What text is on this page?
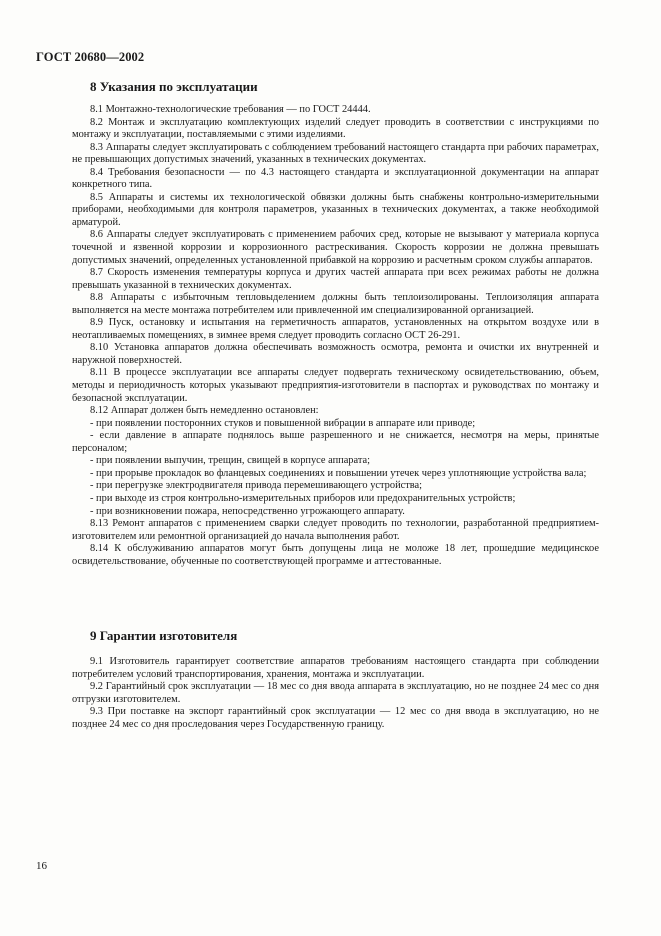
ГОСТ 20680—2002
8 Указания по эксплуатации

8.1 Монтажно-технологические требования — по ГОСТ 24444.

8.2 Монтаж и эксплуатацию комплектующих изделий следует проводить в соответствии с инструкциями по монтажу и эксплуатации, поставляемыми с этими изделиями.

8.3 Аппараты следует эксплуатировать с соблюдением требований настоящего стандарта при рабочих параметрах, не превышающих допустимых значений, указанных в технических документах.

8.4 Требования безопасности — по 4.3 настоящего стандарта и эксплуатационной документации на аппарат конкретного типа.

8.5 Аппараты и системы их технологической обвязки должны быть снабжены контрольно-измерительными приборами, необходимыми для контроля параметров, указанных в технических документах, а также необходимой арматурой.

8.6 Аппараты следует эксплуатировать с применением рабочих сред, которые не вызывают у материала корпуса точечной и язвенной коррозии и коррозионного растрескивания. Скорость коррозии не должна превышать допустимых значений, определенных установленной прибавкой на коррозию и расчетным сроком службы аппаратов.

8.7 Скорость изменения температуры корпуса и других частей аппарата при всех режимах работы не должна превышать указанной в технических документах.

8.8 Аппараты с избыточным тепловыделением должны быть теплоизолированы. Теплоизоляция аппарата выполняется на месте монтажа потребителем или привлеченной им специализированной организацией.

8.9 Пуск, остановку и испытания на герметичность аппаратов, установленных на открытом воздухе или в неотапливаемых помещениях, в зимнее время следует проводить согласно ОСТ 26-291.

8.10 Установка аппаратов должна обеспечивать возможность осмотра, ремонта и очистки их внутренней и наружной поверхностей.

8.11 В процессе эксплуатации все аппараты следует подвергать техническому освидетельствованию, объем, методы и периодичность которых указывают предприятия-изготовители в паспортах и руководствах по монтажу и безопасной эксплуатации.

8.12 Аппарат должен быть немедленно остановлен:

- при появлении посторонних стуков и повышенной вибрации в аппарате или приводе;

- если давление в аппарате поднялось выше разрешенного и не снижается, несмотря на меры, принятые персоналом;

- при появлении выпучин, трещин, свищей в корпусе аппарата;

- при прорыве прокладок во фланцевых соединениях и повышении утечек через уплотняющие устройства вала;

- при перегрузке электродвигателя привода перемешивающего устройства;

- при выходе из строя контрольно-измерительных приборов или предохранительных устройств;

- при возникновении пожара, непосредственно угрожающего аппарату.

8.13 Ремонт аппаратов с применением сварки следует проводить по технологии, разработанной предприятием-изготовителем или ремонтной организацией до начала выполнения работ.

8.14 К обслуживанию аппаратов могут быть допущены лица не моложе 18 лет, прошедшие медицинское освидетельствование, обученные по соответствующей программе и аттестованные.

9 Гарантии изготовителя

9.1 Изготовитель гарантирует соответствие аппаратов требованиям настоящего стандарта при соблюдении потребителем условий транспортирования, хранения, монтажа и эксплуатации.

9.2 Гарантийный срок эксплуатации — 18 мес со дня ввода аппарата в эксплуатацию, но не позднее 24 мес со дня отгрузки изготовителем.

9.3 При поставке на экспорт гарантийный срок эксплуатации — 12 мес со дня ввода в эксплуатацию, но не позднее 24 мес со дня проследования через Государственную границу.

16
